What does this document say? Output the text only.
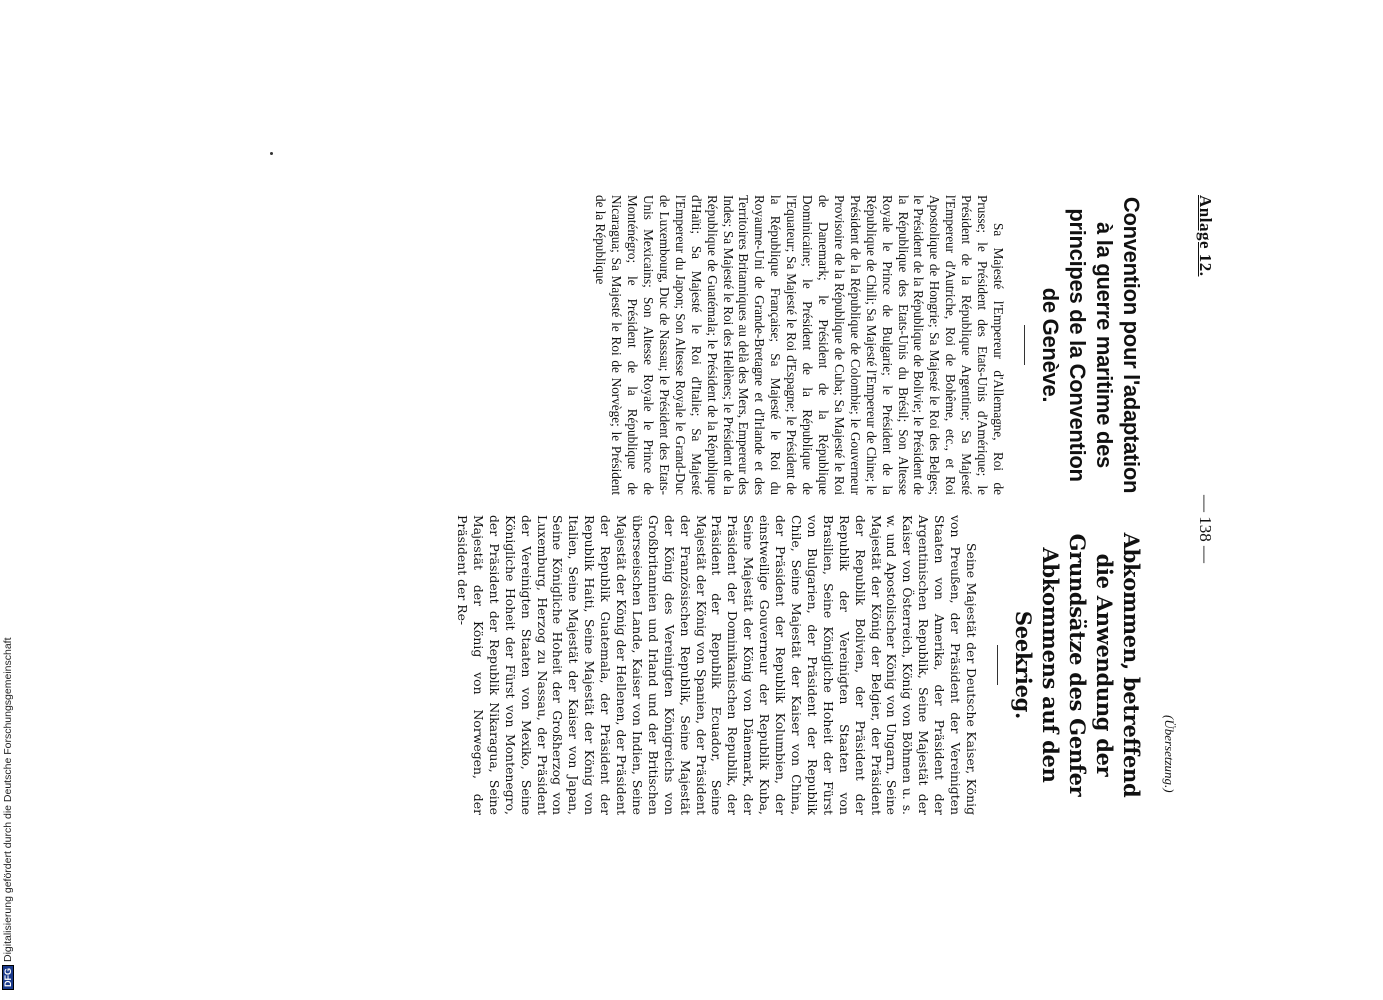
Anlage 12.
— 138 —
(Übersetzung.)
Convention pour l'adaptation à la guerre maritime des principes de la Convention de Genève.

Sa Majesté l'Empereur d'Allemagne, Roi de Prusse; le Président des Etats-Unis d'Amérique; le Président de la République Argentine; Sa Majesté l'Empereur d'Autriche, Roi de Bohême, etc., et Roi Apostolique de Hongrie; Sa Majesté le Roi des Belges; le Président de la République de Bolivie; le Président de la République des Etats-Unis du Brésil; Son Altesse Royale le Prince de Bulgarie; le Président de la République de Chili; Sa Majesté l'Empereur de Chine; le Président de la République de Colombie; le Gouverneur Provisoire de la République de Cuba; Sa Majesté le Roi de Danemark; le Président de la République Dominicaine; le Président de la République de l'Equateur; Sa Majesté le Roi d'Espagne; le Président de la République Française; Sa Majesté le Roi du Royaume-Uni de Grande-Bretagne et d'Irlande et des Territoires Britanniques au delà des Mers, Empereur des Indes; Sa Majesté le Roi des Hellènes; le Président de la République de Guatémala; le Président de la République d'Haïti; Sa Majesté le Roi d'Italie; Sa Majesté l'Empereur du Japon; Son Altesse Royale le Grand-Duc de Luxembourg, Duc de Nassau; le Président des Etats-Unis Mexicains; Son Altesse Royale le Prince de Monténégro; le Président de la République de Nicaragua; Sa Majesté le Roi de Norvège; le Président de la République

Abkommen, betreffend die Anwendung der Grundsätze des Genfer Abkommens auf den Seekrieg.

Seine Majestät der Deutsche Kaiser, König von Preußen, der Präsident der Vereinigten Staaten von Amerika, der Präsident der Argentinischen Republik, Seine Majestät der Kaiser von Österreich, König von Böhmen u. s. w. und Apostolischer König von Ungarn, Seine Majestät der König der Belgier, der Präsident der Republik Bolivien, der Präsident der Republik der Vereinigten Staaten von Brasilien, Seine Königliche Hoheit der Fürst von Bulgarien, der Präsident der Republik Chile, Seine Majestät der Kaiser von China, der Präsident der Republik Kolumbien, der einstweilige Gouverneur der Republik Kuba, Seine Majestät der König von Dänemark, der Präsident der Dominikanischen Republik, der Präsident der Republik Ecuador, Seine Majestät der König von Spanien, der Präsident der Französischen Republik, Seine Majestät der König des Vereinigten Königreichs von Großbritannien und Irland und der Britischen überseeischen Lande, Kaiser von Indien, Seine Majestät der König der Hellenen, der Präsident der Republik Guatemala, der Präsident der Republik Haiti, Seine Majestät der König von Italien, Seine Majestät der Kaiser von Japan, Seine Königliche Hoheit der Großherzog von Luxemburg, Herzog zu Nassau, der Präsident der Vereinigten Staaten von Mexiko, Seine Königliche Hoheit der Fürst von Montenegro, der Präsident der Republik Nikaragua, Seine Majestät der König von Norwegen, der Präsident der Re-

DFGDigitalisierung gefördert durch die Deutsche Forschungsgemeinschaft
